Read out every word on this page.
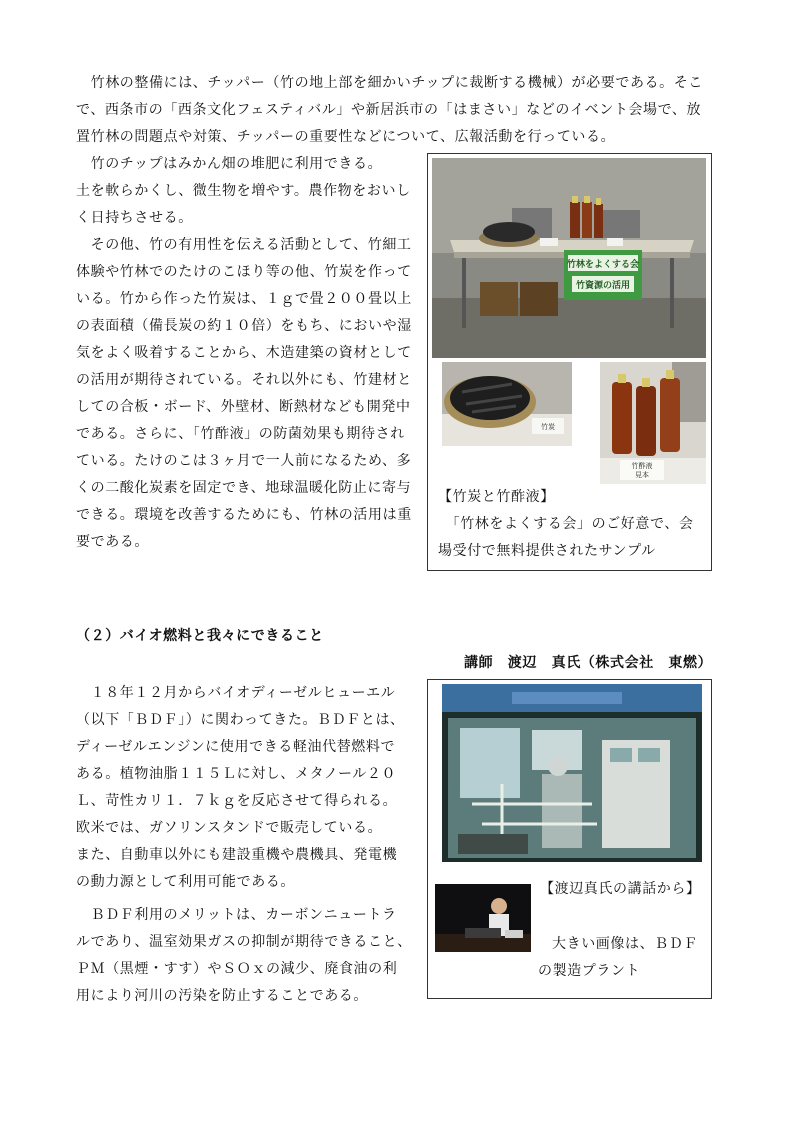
　竹林の整備には、チッパー（竹の地上部を細かいチップに裁断する機械）が必要である。そこ
で、西条市の「西条文化フェスティバル」や新居浜市の「はまさい」などのイベント会場で、放
置竹林の問題点や対策、チッパーの重要性などについて、広報活動を行っている。
　竹のチップはみかん畑の堆肥に利用できる。
土を軟らかくし、微生物を増やす。農作物をおいし
く日持ちさせる。
　その他、竹の有用性を伝える活動として、竹細工
体験や竹林でのたけのこほり等の他、竹炭を作って
いる。竹から作った竹炭は、１ｇで畳２００畳以上
の表面積（備長炭の約１０倍）をもち、においや湿
気をよく吸着することから、木造建築の資材として
の活用が期待されている。それ以外にも、竹建材と
しての合板・ボード、外壁材、断熱材なども開発中
である。さらに、「竹酢液」の防菌効果も期待され
ている。たけのこは３ヶ月で一人前になるため、多
くの二酸化炭素を固定でき、地球温暖化防止に寄与
できる。環境を改善するためにも、竹林の活用は重
要である。
竹林をよくする会
竹資源の活用
竹炭
竹酢液
見本
【竹炭と竹酢液】
　「竹林をよくする会」のご好意で、会
場受付で無料提供されたサンプル
（２）バイオ燃料と我々にできること
講師　渡辺　真氏（株式会社　東燃）
　１８年１２月からバイオディーゼルヒューエル
（以下「ＢＤＦ」）に関わってきた。ＢＤＦとは、
ディーゼルエンジンに使用できる軽油代替燃料で
ある。植物油脂１１５Ｌに対し、メタノール２０
Ｌ、苛性カリ１．７ｋｇを反応させて得られる。
欧米では、ガソリンスタンドで販売している。
また、自動車以外にも建設重機や農機具、発電機
の動力源として利用可能である。
　ＢＤＦ利用のメリットは、カーボンニュートラ
ルであり、温室効果ガスの抑制が期待できること、
ＰＭ（黒煙・すす）やＳＯｘの減少、廃食油の利
用により河川の汚染を防止することである。
【渡辺真氏の講話から】
大きい画像は、ＢＤＦ
の製造プラント
